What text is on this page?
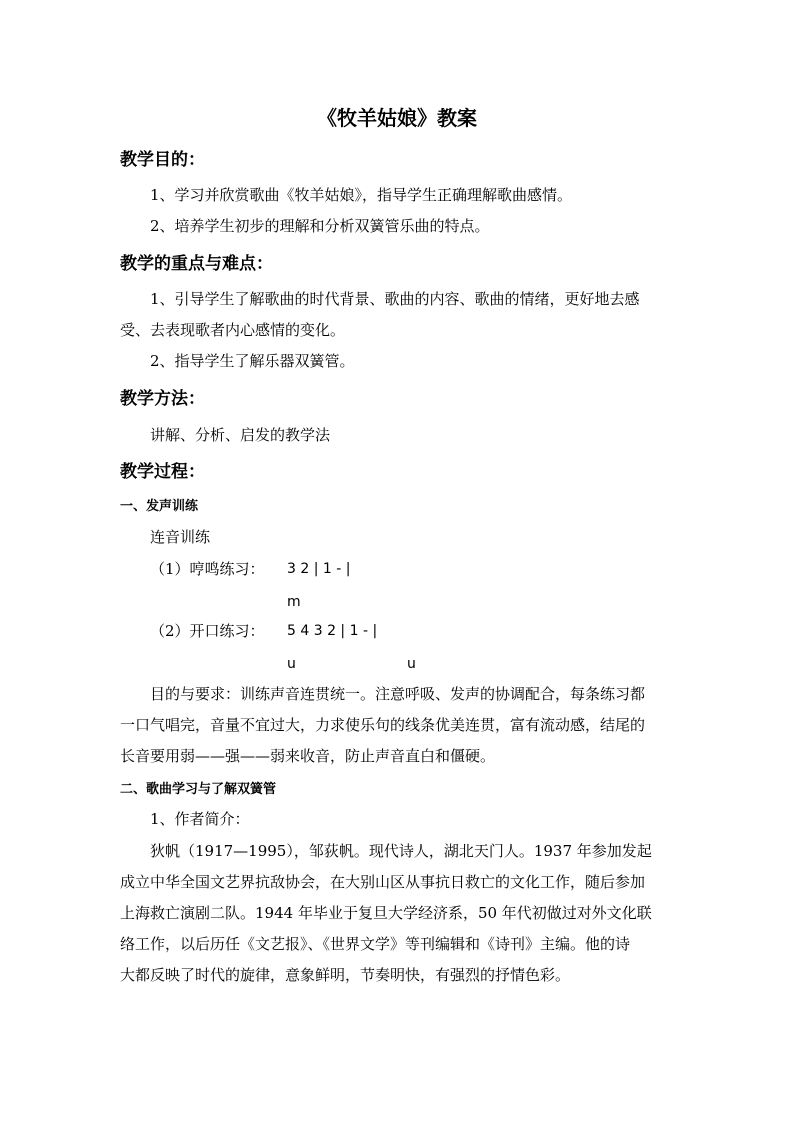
《牧羊姑娘》教案
教学目的：
1、学习并欣赏歌曲《牧羊姑娘》，指导学生正确理解歌曲感情。
2、培养学生初步的理解和分析双簧管乐曲的特点。
教学的重点与难点：
1、引导学生了解歌曲的时代背景、歌曲的内容、歌曲的情绪，更好地去感
受、去表现歌者内心感情的变化。
2、指导学生了解乐器双簧管。
教学方法：
讲解、分析、启发的教学法
教学过程：
一、发声训练
连音训练
（1）哼鸣练习： 3 2 | 1 - |
m
（2）开口练习： 5 4 3 2 | 1 - |
u	u
目的与要求：训练声音连贯统一。注意呼吸、发声的协调配合，每条练习都
一口气唱完，音量不宜过大，力求使乐句的线条优美连贯，富有流动感，结尾的
长音要用弱——强——弱来收音，防止声音直白和僵硬。
二、歌曲学习与了解双簧管
1、作者简介：
狄帆（1917—1995），邹荻帆。现代诗人，湖北天门人。1937 年参加发起
成立中华全国文艺界抗敌协会，在大别山区从事抗日救亡的文化工作，随后参加
上海救亡演剧二队。1944 年毕业于复旦大学经济系，50 年代初做过对外文化联
络工作，以后历任《文艺报》、《世界文学》等刊编辑和《诗刊》主编。他的诗
大都反映了时代的旋律，意象鲜明，节奏明快，有强烈的抒情色彩。
